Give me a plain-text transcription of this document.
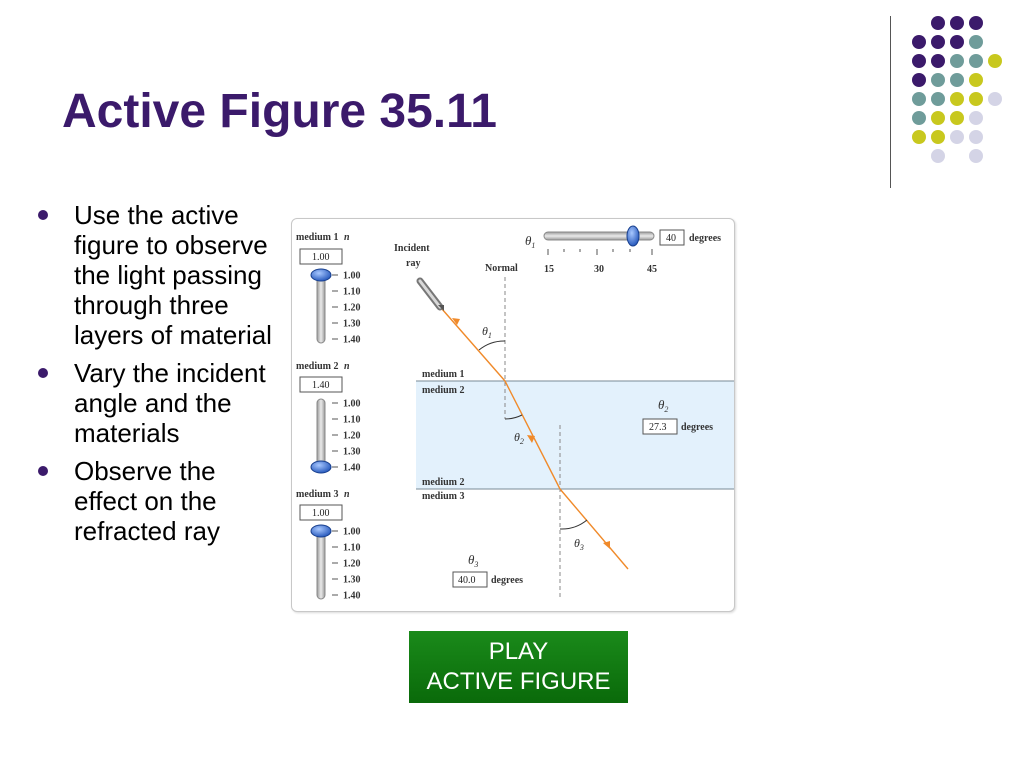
Active Figure 35.11
Use the active figure to observe the light passing through three layers of material
Vary the incident angle and the materials
Observe the effect on the refracted ray
medium 1
medium 2
medium 2
medium 3
Incident
ray	Normal
$\theta_1$
$\theta_2$
$\theta_3$
$\theta_1$
15	30	45
40 degrees
$\theta_2$
27.3 degrees
$\theta_3$
40.0 degrees
medium 1 n
1.00
1.00
1.10
1.20
1.30
1.40
medium 2 n
1.40
1.00
1.10
1.20
1.30
1.40
medium 3 n
1.00
1.00
1.10
1.20
1.30
1.40
PLAY
ACTIVE FIGURE
